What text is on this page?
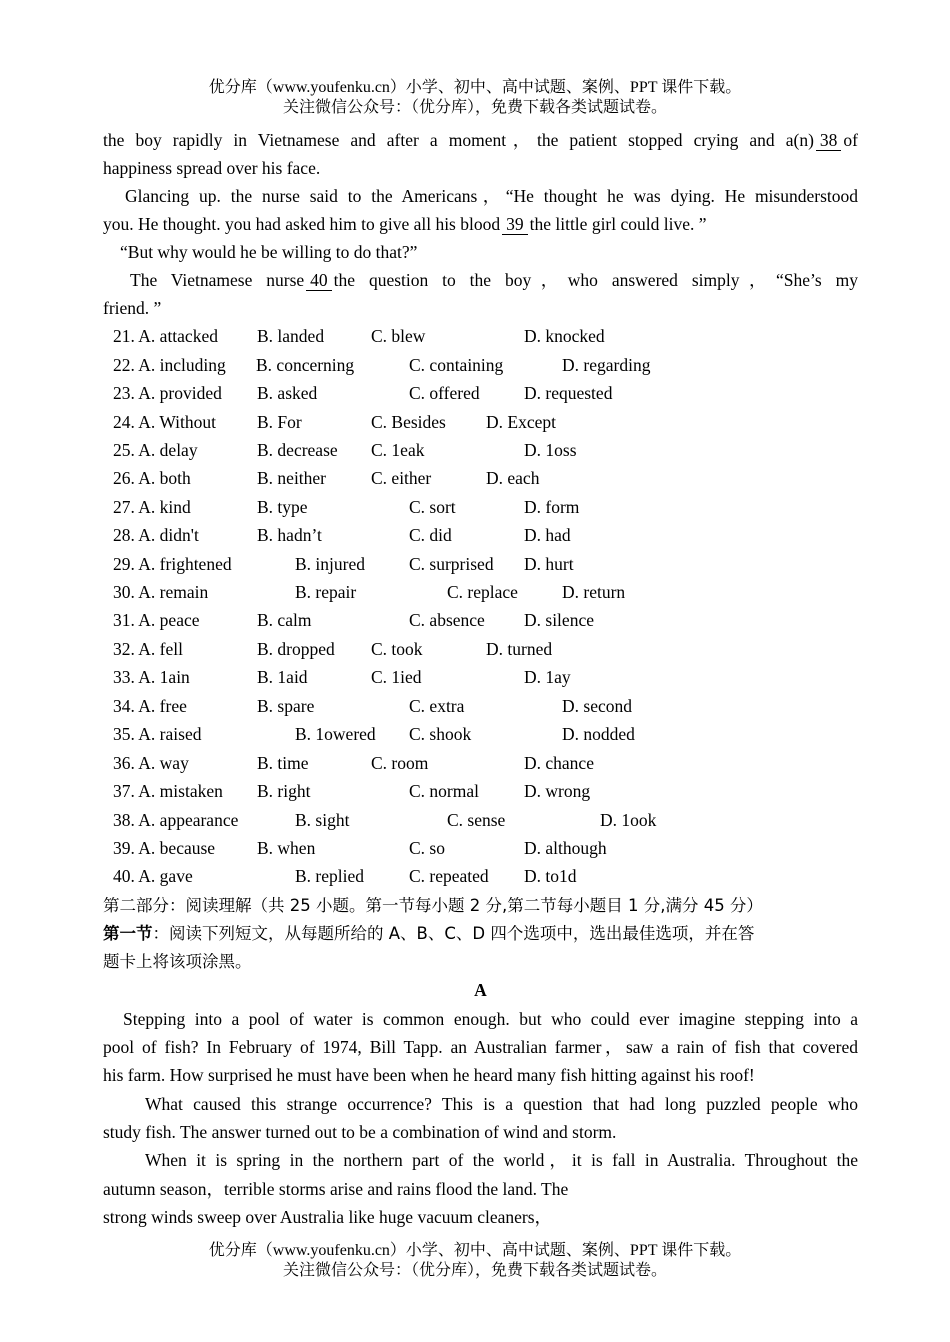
优分库（www.youfenku.cn）小学、初中、高中试题、案例、PPT 课件下载。
关注微信公众号：（优分库），免费下载各类试题试卷。
the boy rapidly in Vietnamese and after a moment，the patient stopped crying and a(n) 38 of
happiness spread over his face.
Glancing up. the nurse said to the Americans，“He thought he was dying. He misunderstood
you. He thought. you had asked him to give all his blood 39 the little girl could live. ”
“But why would he be willing to do that?”
The Vietnamese nurse 40 the question to the boy，who answered simply，“She’s my
friend. ”
21. A. attacked B. landed	C. blew	D. knocked
22. A. including B. concerning	C. containing	D. regarding
23. A. provided B. asked	C. offered	D. requested
24. A. Without B. For	C. Besides D. Except
25. A. delay	B. decrease C. 1eak	D. 1oss
26. A. both	B. neither	C. either	D. each
27. A. kind	B. type	C. sort	D. form
28. A. didn't	B. hadn’t	C. did	D. had
29. A. frightened	B. injured	C. surprised D. hurt
30. A. remain	B. repair	C. replace	D. return
31. A. peace	B. calm	C. absence D. silence
32. A. fell	B. dropped C. took	D. turned
33. A. 1ain	B. 1aid	C. 1ied	D. 1ay
34. A. free	B. spare	C. extra	D. second
35. A. raised	B. 1owered C. shook	D. nodded
36. A. way	B. time	C. room	D. chance
37. A. mistaken B. right	C. normal	D. wrong
38. A. appearance	B. sight	C. sense	D. 1ook
39. A. because B. when	C. so	D. although
40. A. gave	B. replied	C. repeated D. to1d
第二部分：阅读理解（共 25 小题。第一节每小题 2 分,第二节每小题目 1 分,满分 45 分）
第一节：阅读下列短文，从每题所给的 A、B、C、D 四个选项中，选出最佳选项，并在答
题卡上将该项涂黑。
A
Stepping into a pool of water is common enough. but who could ever imagine stepping into a
pool of fish? In February of 1974, Bill Tapp. an Australian farmer，saw a rain of fish that covered
his farm. How surprised he must have been when he heard many fish hitting against his roof!
What caused this strange occurrence? This is a question that had long puzzled people who
study fish. The answer turned out to be a combination of wind and storm.
When it is spring in the northern part of the world，it is fall in Australia. Throughout the
autumn season，terrible storms arise and rains flood the land. The
strong winds sweep over Australia like huge vacuum cleaners，
优分库（www.youfenku.cn）小学、初中、高中试题、案例、PPT 课件下载。
关注微信公众号：（优分库），免费下载各类试题试卷。
